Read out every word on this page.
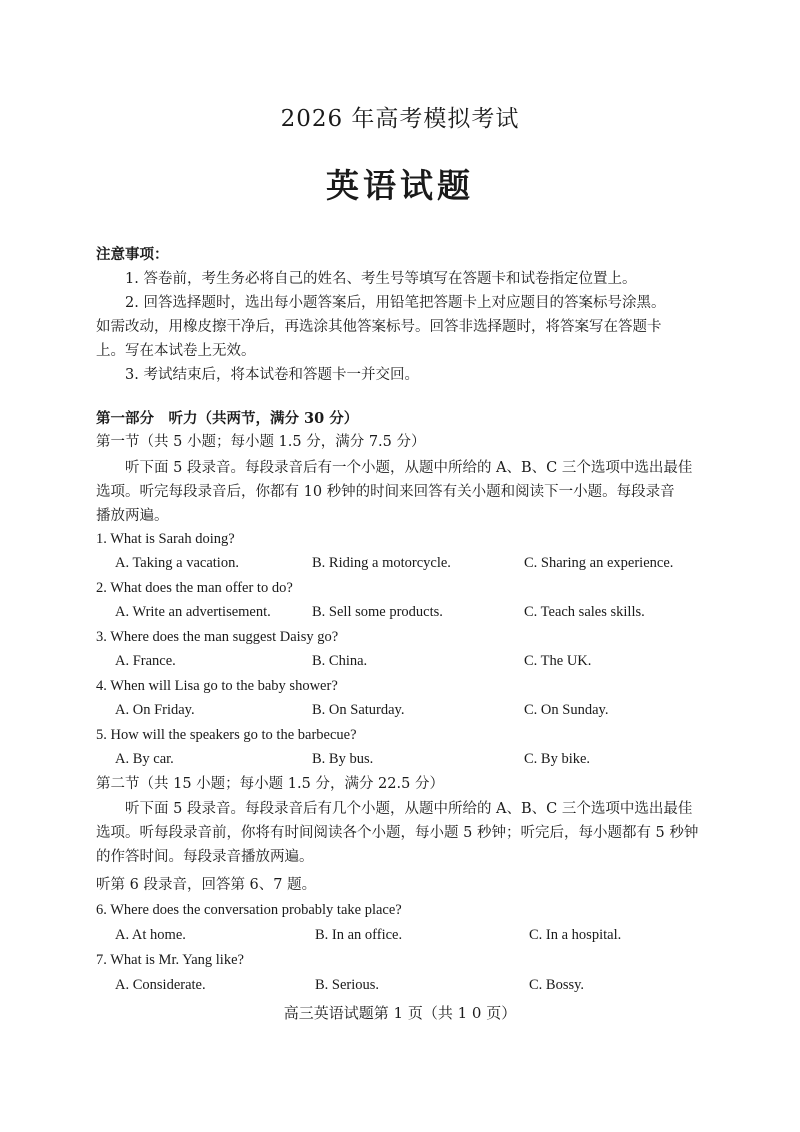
2026 年高考模拟考试
英语试题
注意事项：
1. 答卷前，考生务必将自己的姓名、考生号等填写在答题卡和试卷指定位置上。
2. 回答选择题时，选出每小题答案后，用铅笔把答题卡上对应题目的答案标号涂黑。
如需改动，用橡皮擦干净后，再选涂其他答案标号。回答非选择题时，将答案写在答题卡
上。写在本试卷上无效。
3. 考试结束后，将本试卷和答题卡一并交回。
第一部分　听力（共两节，满分 30 分）
第一节（共 5 小题；每小题 1.5 分，满分 7.5 分）
听下面 5 段录音。每段录音后有一个小题，从题中所给的 A、B、C 三个选项中选出最佳
选项。听完每段录音后，你都有 10 秒钟的时间来回答有关小题和阅读下一小题。每段录音
播放两遍。
1. What is Sarah doing?
A. Taking a vacation.	B. Riding a motorcycle.	C. Sharing an experience.
2. What does the man offer to do?
A. Write an advertisement.	B. Sell some products.	C. Teach sales skills.
3. Where does the man suggest Daisy go?
A. France.	B. China.	C. The UK.
4. When will Lisa go to the baby shower?
A. On Friday.	B. On Saturday.	C. On Sunday.
5. How will the speakers go to the barbecue?
A. By car.	B. By bus.	C. By bike.
第二节（共 15 小题；每小题 1.5 分，满分 22.5 分）
听下面 5 段录音。每段录音后有几个小题，从题中所给的 A、B、C 三个选项中选出最佳
选项。听每段录音前，你将有时间阅读各个小题，每小题 5 秒钟；听完后，每小题都有 5 秒钟
的作答时间。每段录音播放两遍。
听第 6 段录音，回答第 6、7 题。
6. Where does the conversation probably take place?
A. At home.	B. In an office.	C. In a hospital.
7. What is Mr. Yang like?
A. Considerate.	B. Serious.	C. Bossy.
高三英语试题第 1 页（共 1 0 页）
